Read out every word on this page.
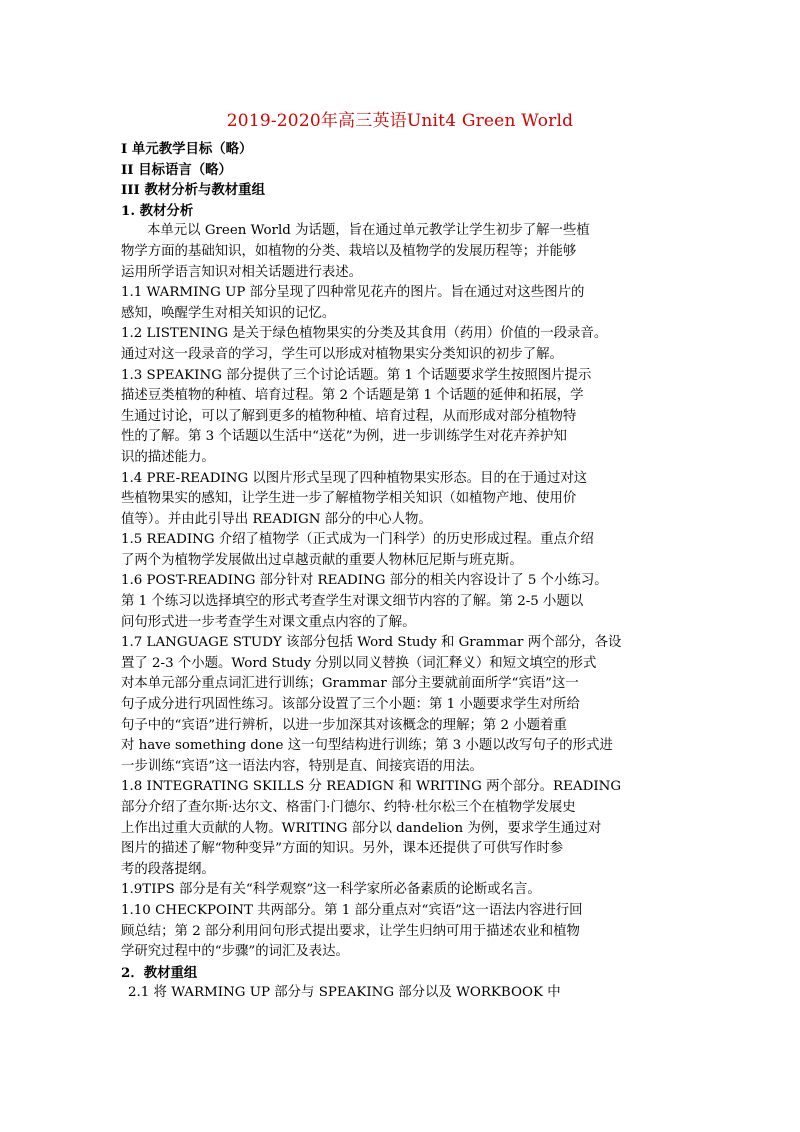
2019-2020年高三英语Unit4 Green World

I 单元教学目标（略）

II 目标语言（略）

III 教材分析与教材重组

1. 教材分析

本单元以 Green World 为话题，旨在通过单元教学让学生初步了解一些植

物学方面的基础知识，如植物的分类、栽培以及植物学的发展历程等；并能够

运用所学语言知识对相关话题进行表述。

1.1 WARMING UP 部分呈现了四种常见花卉的图片。旨在通过对这些图片的

感知，唤醒学生对相关知识的记忆。

1.2 LISTENING 是关于绿色植物果实的分类及其食用（药用）价值的一段录音。

通过对这一段录音的学习，学生可以形成对植物果实分类知识的初步了解。

1.3 SPEAKING 部分提供了三个讨论话题。第 1 个话题要求学生按照图片提示

描述豆类植物的种植、培育过程。第 2 个话题是第 1 个话题的延伸和拓展，学

生通过讨论，可以了解到更多的植物种植、培育过程，从而形成对部分植物特

性的了解。第 3 个话题以生活中“送花”为例，进一步训练学生对花卉养护知

识的描述能力。

1.4 PRE-READING 以图片形式呈现了四种植物果实形态。目的在于通过对这

些植物果实的感知，让学生进一步了解植物学相关知识（如植物产地、使用价

值等）。并由此引导出 READIGN 部分的中心人物。

1.5 READING 介绍了植物学（正式成为一门科学）的历史形成过程。重点介绍

了两个为植物学发展做出过卓越贡献的重要人物林厄尼斯与班克斯。

1.6 POST-READING 部分针对 READING 部分的相关内容设计了 5 个小练习。

第 1 个练习以选择填空的形式考查学生对课文细节内容的了解。第 2-5 小题以

问句形式进一步考查学生对课文重点内容的了解。

1.7 LANGUAGE STUDY 该部分包括 Word Study 和 Grammar 两个部分，各设

置了 2-3 个小题。Word Study 分别以同义替换（词汇释义）和短文填空的形式

对本单元部分重点词汇进行训练；Grammar 部分主要就前面所学“宾语”这一

句子成分进行巩固性练习。该部分设置了三个小题：第 1 小题要求学生对所给

句子中的“宾语”进行辨析，以进一步加深其对该概念的理解；第 2 小题着重

对 have something done 这一句型结构进行训练；第 3 小题以改写句子的形式进

一步训练“宾语”这一语法内容，特别是直、间接宾语的用法。

1.8 INTEGRATING SKILLS 分 READIGN 和 WRITING 两个部分。READING

部分介绍了查尔斯·达尔文、格雷门·门德尔、约特·杜尔松三个在植物学发展史

上作出过重大贡献的人物。WRITING 部分以 dandelion 为例，要求学生通过对

图片的描述了解“物种变异”方面的知识。另外，课本还提供了可供写作时参

考的段落提纲。

1.9TIPS 部分是有关“科学观察”这一科学家所必备素质的论断或名言。

1.10 CHECKPOINT 共两部分。第 1 部分重点对“宾语”这一语法内容进行回

顾总结；第 2 部分利用问句形式提出要求，让学生归纳可用于描述农业和植物

学研究过程中的“步骤”的词汇及表达。

2．教材重组

2.1 将 WARMING UP 部分与 SPEAKING 部分以及 WORKBOOK 中
